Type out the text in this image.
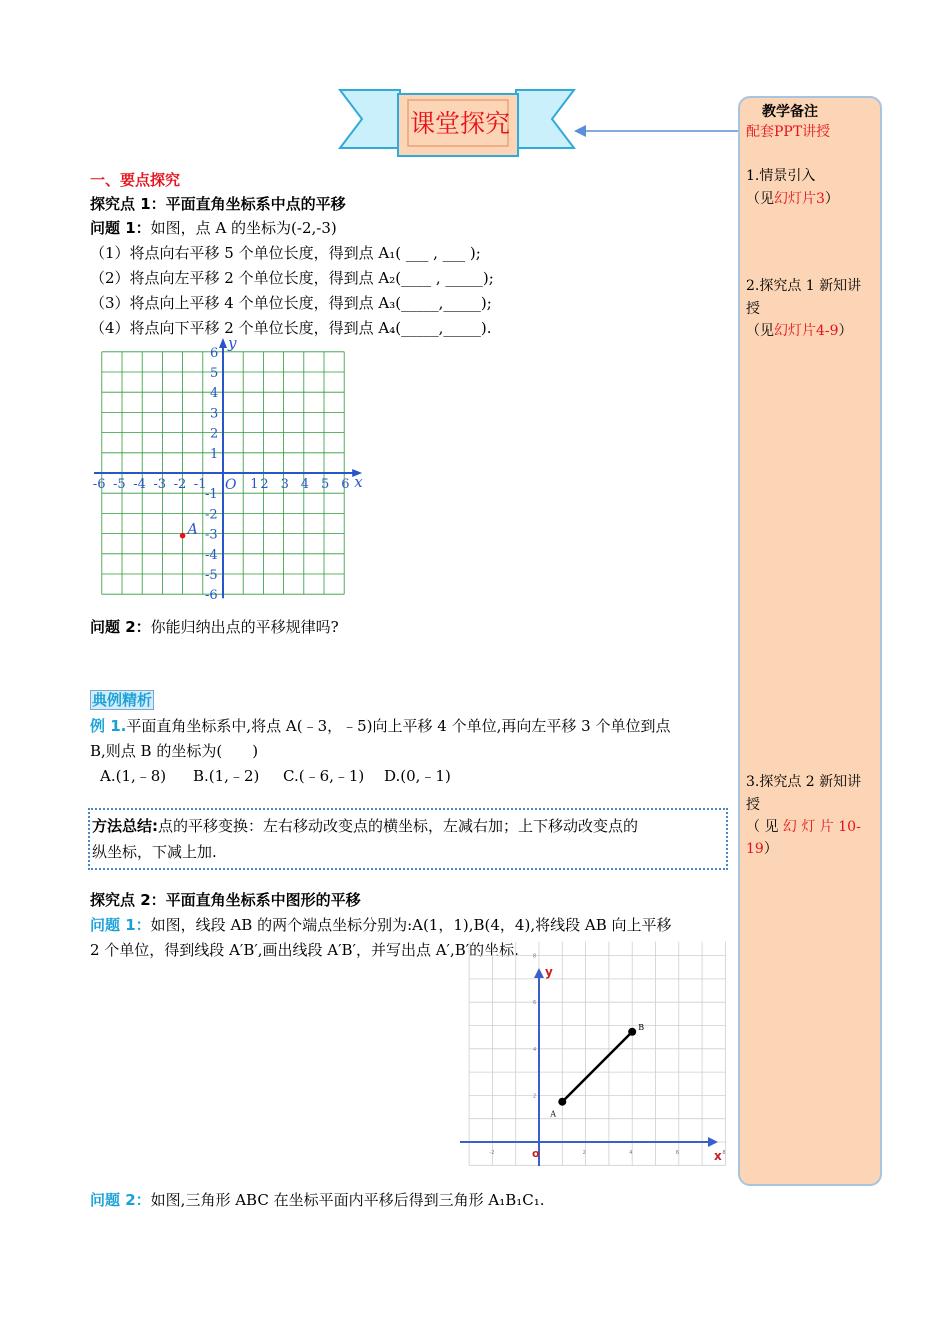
课堂探究	教学备注
配套PPT讲授
1.情景引入
（见幻灯片3）
2.探究点 1 新知讲
授
（见幻灯片4-9）
3.探究点 2 新知讲
授
（ 见 幻 灯 片 10-
19）
一、要点探究
探究点 1：平面直角坐标系中点的平移
问题 1：如图，点 A 的坐标为(-2,-3)
（1）将点向右平移 5 个单位长度，得到点 A₁( ___ , ___ );
（2）将点向左平移 2 个单位长度，得到点 A₂(____ , _____);
（3）将点向上平移 4 个单位长度，得到点 A₃(_____,_____);
（4）将点向下平移 2 个单位长度，得到点 A₄(_____,_____).
x
y
O
-6 -5 -4 -3 -2 -1	1 2 3 4 5 6
6
5
4
3
2
1
-1
-2
-3
-4
-5
-6
A
问题 2：你能归纳出点的平移规律吗?
典例精析
例 1.平面直角坐标系中,将点 A(﹣3，﹣5)向上平移 4 个单位,再向左平移 3 个单位到点
B,则点 B 的坐标为(　　)
A.(1,﹣8) B.(1,﹣2) C.(﹣6,﹣1) D.(0,﹣1)
方法总结:点的平移变换：左右移动改变点的横坐标，左减右加；上下移动改变点的
纵坐标，下减上加.
探究点 2：平面直角坐标系中图形的平移
问题 1：如图，线段 AB 的两个端点坐标分别为:A(1，1),B(4，4),将线段 AB 向上平移
2 个单位，得到线段 A′B′,画出线段 A′B′，并写出点 A′,B′的坐标.
x
y
o
-2	2	4	6	8
2
4
6
8
A
B
问题 2：如图,三角形 ABC 在坐标平面内平移后得到三角形 A₁B₁C₁.
